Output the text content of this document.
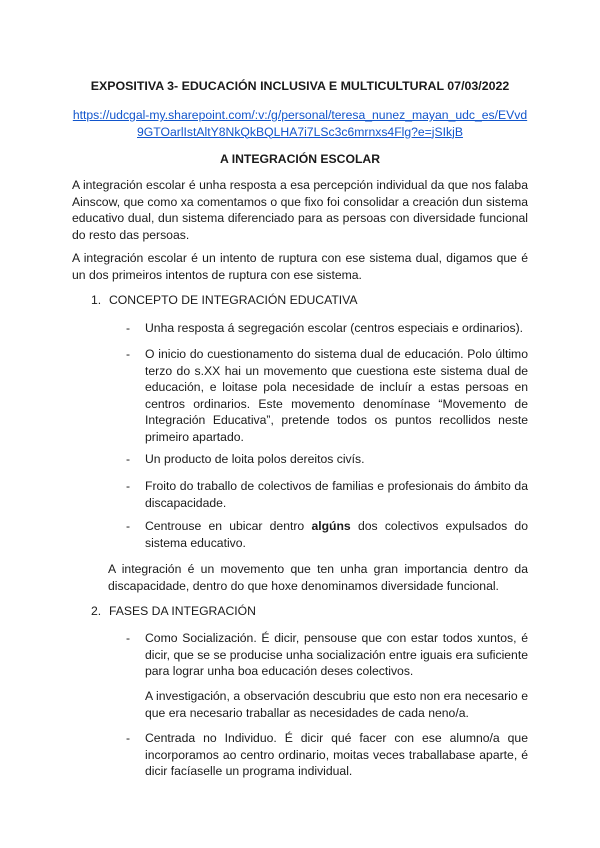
EXPOSITIVA 3- EDUCACIÓN INCLUSIVA E MULTICULTURAL 07/03/2022
https://udcgal-my.sharepoint.com/:v:/g/personal/teresa_nunez_mayan_udc_es/EVvd9GTOarlIstAltY8NkQkBQLHA7i7LSc3c6mrnxs4Flg?e=jSIkjB
A INTEGRACIÓN ESCOLAR
A integración escolar é unha resposta a esa percepción individual da que nos falaba Ainscow, que como xa comentamos o que fixo foi consolidar a creación dun sistema educativo dual, dun sistema diferenciado para as persoas con diversidade funcional do resto das persoas.
A integración escolar é un intento de ruptura con ese sistema dual, digamos que é un dos primeiros intentos de ruptura con ese sistema.
1. CONCEPTO DE INTEGRACIÓN EDUCATIVA
- Unha resposta á segregación escolar (centros especiais e ordinarios).
- O inicio do cuestionamento do sistema dual de educación. Polo último terzo do s.XX hai un movemento que cuestiona este sistema dual de educación, e loitase pola necesidade de incluír a estas persoas en centros ordinarios. Este movemento denomínase “Movemento de Integración Educativa”, pretende todos os puntos recollidos neste primeiro apartado.
- Un producto de loita polos dereitos civís.
- Froito do traballo de colectivos de familias e profesionais do ámbito da discapacidade.
- Centrouse en ubicar dentro algúns dos colectivos expulsados do sistema educativo.
A integración é un movemento que ten unha gran importancia dentro da discapacidade, dentro do que hoxe denominamos diversidade funcional.
2. FASES DA INTEGRACIÓN
- Como Socialización. É dicir, pensouse que con estar todos xuntos, é dicir, que se se producise unha socialización entre iguais era suficiente para lograr unha boa educación deses colectivos.
A investigación, a observación descubriu que esto non era necesario e que era necesario traballar as necesidades de cada neno/a.
- Centrada no Individuo. É dicir qué facer con ese alumno/a que incorporamos ao centro ordinario, moitas veces traballabase aparte, é dicir facíaselle un programa individual.
